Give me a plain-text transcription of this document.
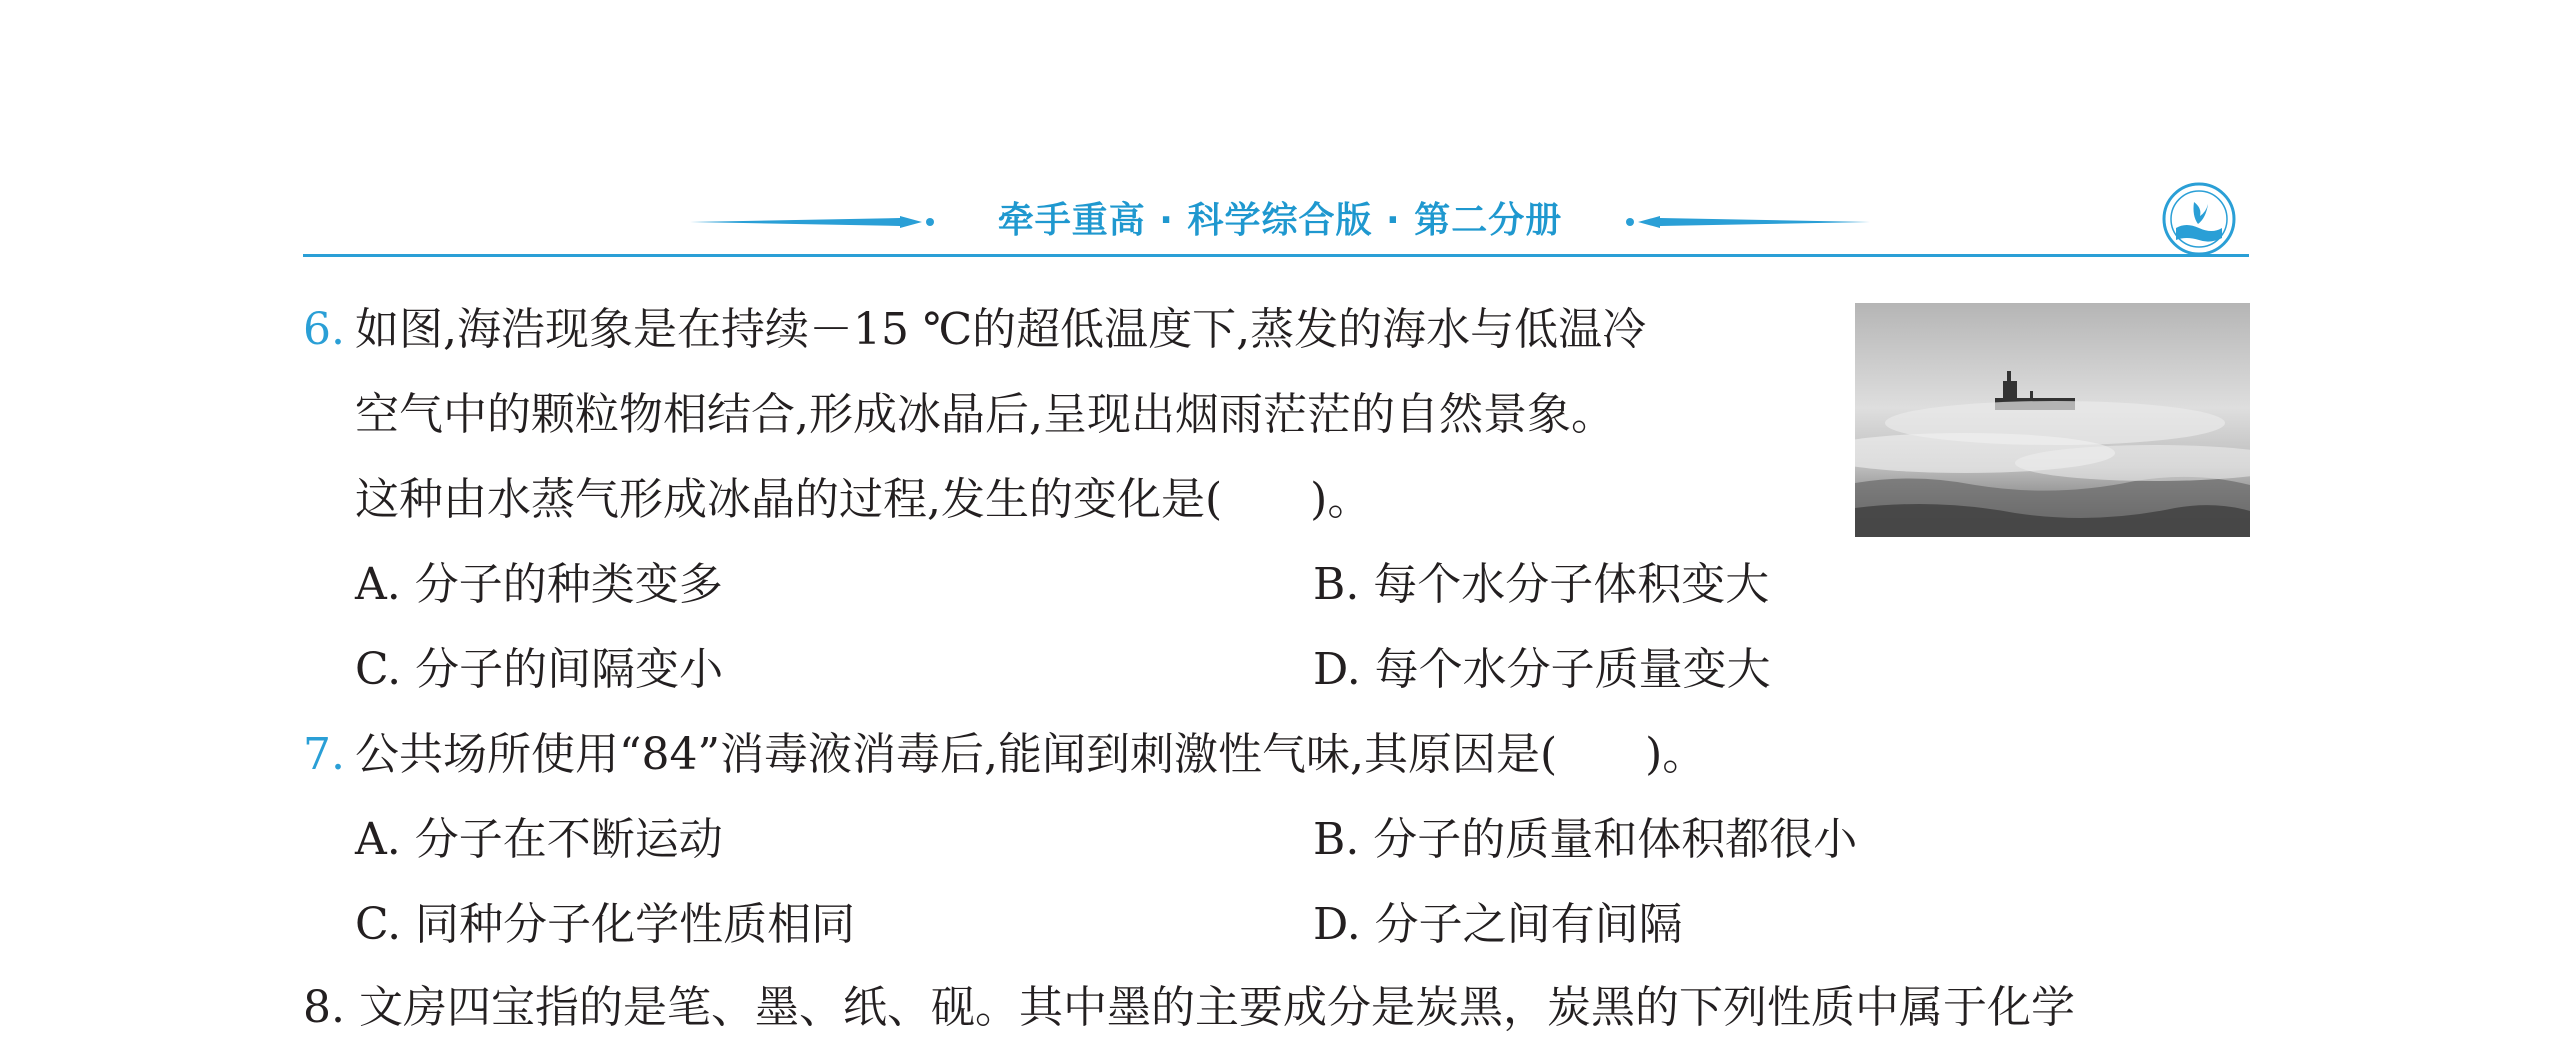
牵手重高 · 科学综合版 · 第二分册
6. 如图,海浩现象是在持续－15 ℃的超低温度下,蒸发的海水与低温冷
空气中的颗粒物相结合,形成冰晶后,呈现出烟雨茫茫的自然景象。
这种由水蒸气形成冰晶的过程,发生的变化是(　　)。
A. 分子的种类变多	B. 每个水分子体积变大
C. 分子的间隔变小	D. 每个水分子质量变大
7. 公共场所使用“84”消毒液消毒后,能闻到刺激性气味,其原因是(　　)。
A. 分子在不断运动	B. 分子的质量和体积都很小
C. 同种分子化学性质相同	D. 分子之间有间隔
8. 文房四宝指的是笔、墨、纸、砚。其中墨的主要成分是炭黑，炭黑的下列性质中属于化学
